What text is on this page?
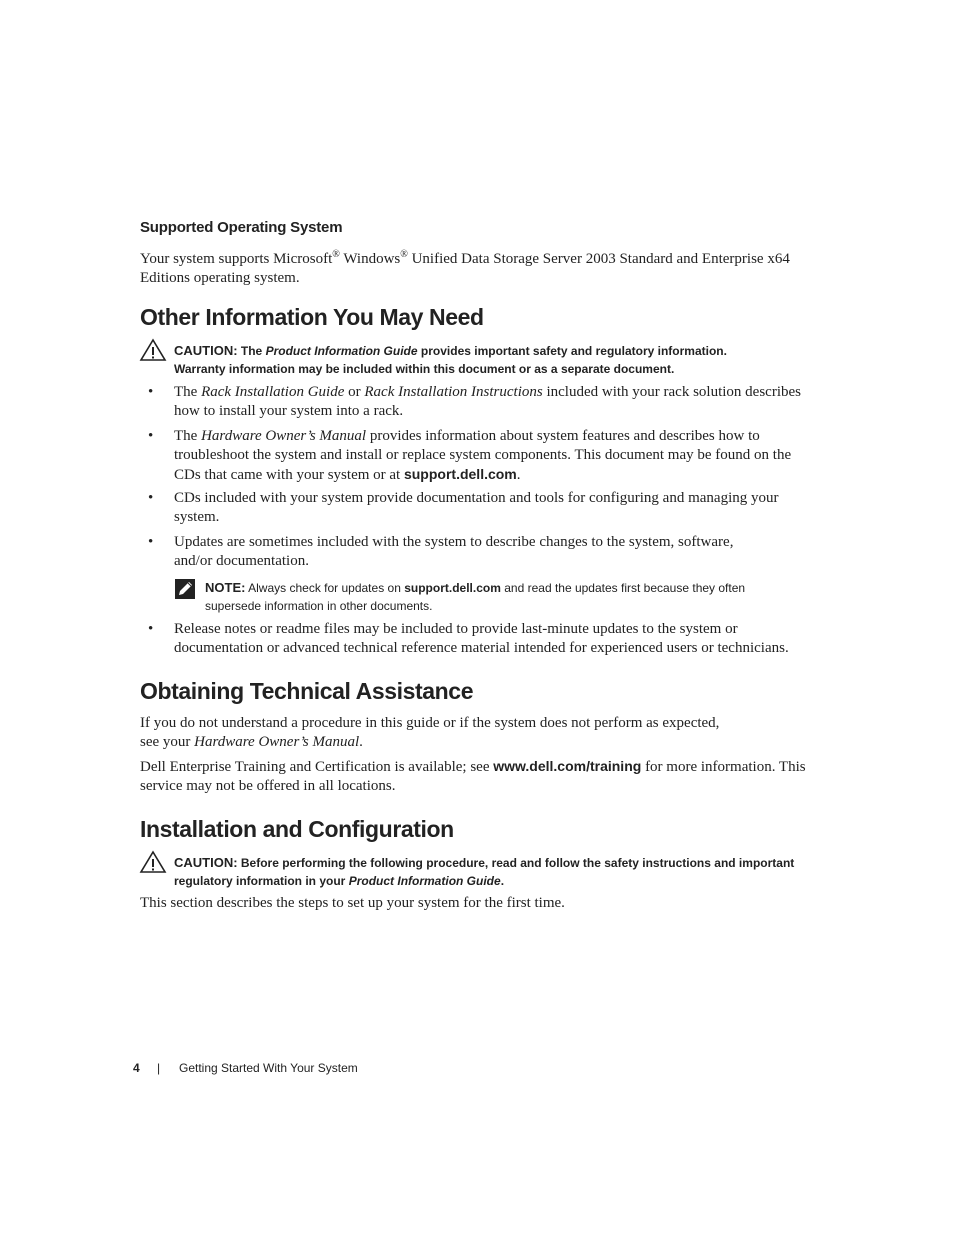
Supported Operating System
Your system supports Microsoft® Windows® Unified Data Storage Server 2003 Standard and Enterprise x64 Editions operating system.
Other Information You May Need
CAUTION: The Product Information Guide provides important safety and regulatory information.
Warranty information may be included within this document or as a separate document.
• The Rack Installation Guide or Rack Installation Instructions included with your rack solution describes how to install your system into a rack.
• The Hardware Owner’s Manual provides information about system features and describes how to troubleshoot the system and install or replace system components. This document may be found on the CDs that came with your system or at support.dell.com.
• CDs included with your system provide documentation and tools for configuring and managing your system.
• Updates are sometimes included with the system to describe changes to the system, software, and/or documentation.
NOTE: Always check for updates on support.dell.com and read the updates first because they often
supersede information in other documents.
• Release notes or readme files may be included to provide last-minute updates to the system or documentation or advanced technical reference material intended for experienced users or technicians.
Obtaining Technical Assistance
If you do not understand a procedure in this guide or if the system does not perform as expected,
see your Hardware Owner’s Manual.
Dell Enterprise Training and Certification is available; see www.dell.com/training for more information. This service may not be offered in all locations.
Installation and Configuration
CAUTION: Before performing the following procedure, read and follow the safety instructions and important
regulatory information in your Product Information Guide.
This section describes the steps to set up your system for the first time.
4 | Getting Started With Your System
